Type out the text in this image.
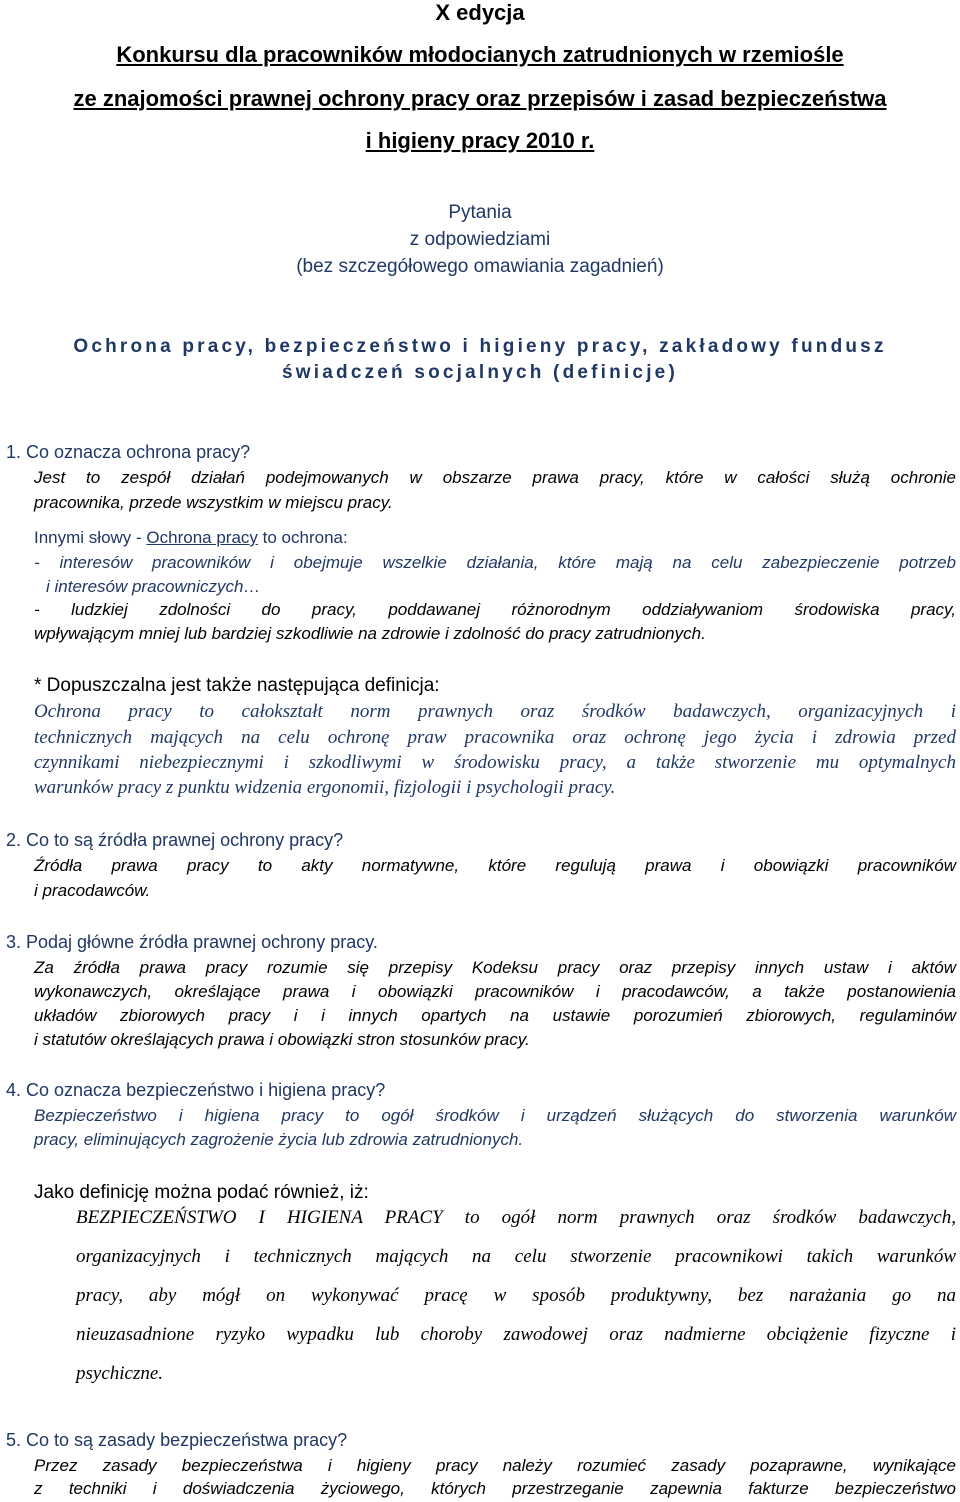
X edycja
Konkursu dla pracowników młodocianych zatrudnionych w rzemiośle
ze znajomości prawnej ochrony pracy oraz przepisów i zasad bezpieczeństwa
i higieny pracy 2010 r.
Pytania
z odpowiedziami
(bez szczegółowego omawiania zagadnień)
Ochrona pracy, bezpieczeństwo i higieny pracy, zakładowy fundusz
świadczeń socjalnych (definicje)
1. Co oznacza ochrona pracy?
Jest to zespół działań podejmowanych w obszarze prawa pracy, które w całości służą ochronie
pracownika, przede wszystkim w miejscu pracy.
Innymi słowy - Ochrona pracy to ochrona:
- interesów pracowników i obejmuje wszelkie działania, które mają na celu zabezpieczenie potrzeb
i interesów pracowniczych…
- ludzkiej zdolności do pracy, poddawanej różnorodnym oddziaływaniom środowiska pracy,
wpływającym mniej lub bardziej szkodliwie na zdrowie i zdolność do pracy zatrudnionych.
* Dopuszczalna jest także następująca definicja:
Ochrona pracy to całokształt norm prawnych oraz środków badawczych, organizacyjnych i
technicznych mających na celu ochronę praw pracownika oraz ochronę jego życia i zdrowia przed
czynnikami niebezpiecznymi i szkodliwymi w środowisku pracy, a także stworzenie mu optymalnych
warunków pracy z punktu widzenia ergonomii, fizjologii i psychologii pracy.
2. Co to są źródła prawnej ochrony pracy?
Źródła prawa pracy to akty normatywne, które regulują prawa i obowiązki pracowników
i pracodawców.
3. Podaj główne źródła prawnej ochrony pracy.
Za źródła prawa pracy rozumie się przepisy Kodeksu pracy oraz przepisy innych ustaw i aktów
wykonawczych, określające prawa i obowiązki pracowników i pracodawców, a także postanowienia
układów zbiorowych pracy i i innych opartych na ustawie porozumień zbiorowych, regulaminów
i statutów określających prawa i obowiązki stron stosunków pracy.
4. Co oznacza bezpieczeństwo i higiena pracy?
Bezpieczeństwo i higiena pracy to ogół środków i urządzeń służących do stworzenia warunków
pracy, eliminujących zagrożenie życia lub zdrowia zatrudnionych.
Jako definicję można podać również, iż:
BEZPIECZEŃSTWO I HIGIENA PRACY to ogół norm prawnych oraz środków badawczych,
organizacyjnych i technicznych mających na celu stworzenie pracownikowi takich warunków
pracy, aby mógł on wykonywać pracę w sposób produktywny, bez narażania go na
nieuzasadnione ryzyko wypadku lub choroby zawodowej oraz nadmierne obciążenie fizyczne i
psychiczne.
5. Co to są zasady bezpieczeństwa pracy?
Przez zasady bezpieczeństwa i higieny pracy należy rozumieć zasady pozaprawne, wynikające
z techniki i doświadczenia życiowego, których przestrzeganie zapewnia fakturze bezpieczeństwo
